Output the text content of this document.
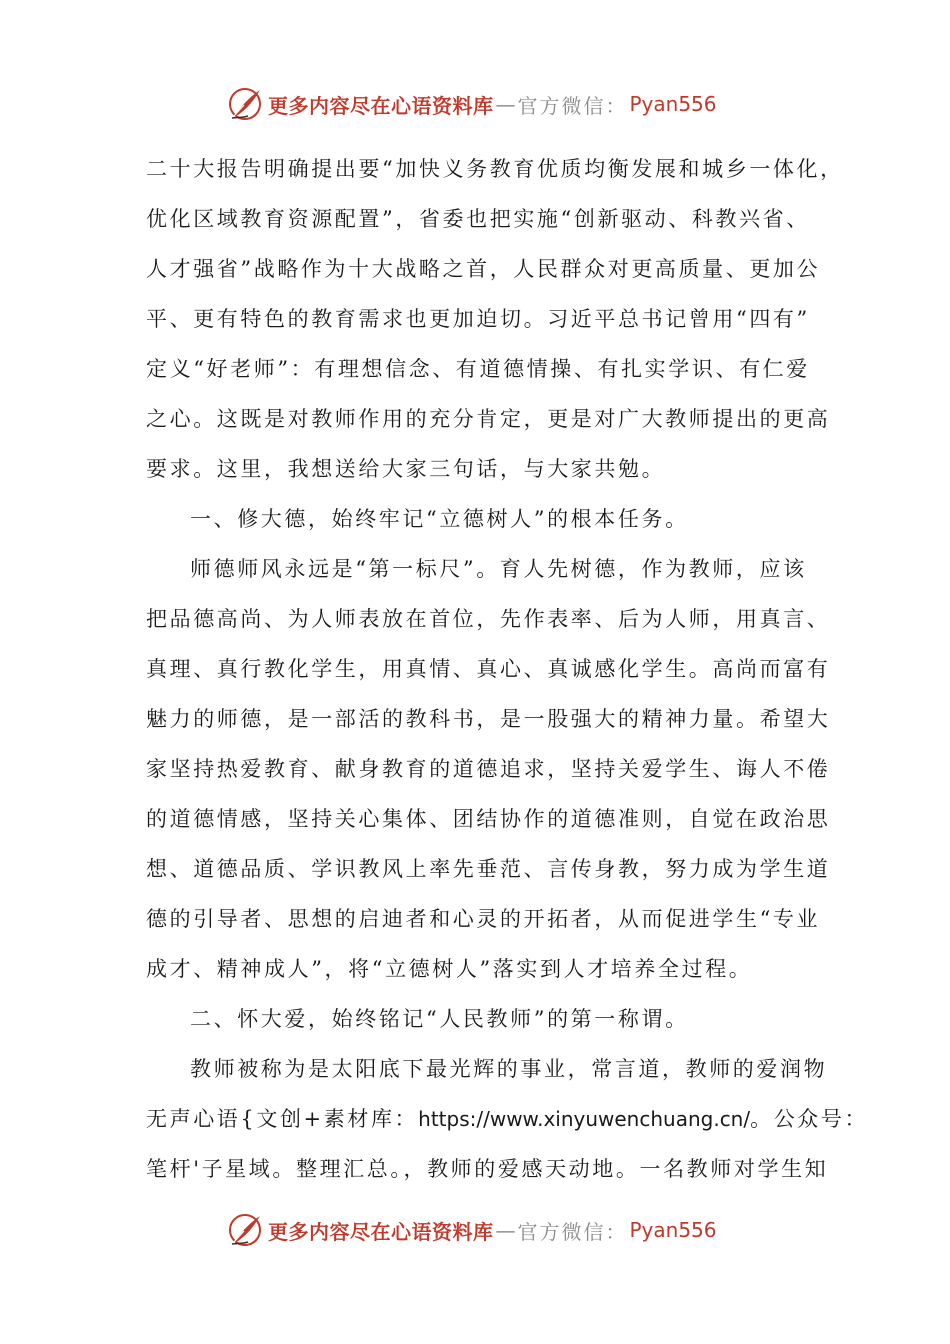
更多内容尽在心语资料库 — 官方微信： Pyan556
二十大报告明确提出要“加快义务教育优质均衡发展和城乡一体化，
优化区域教育资源配置”，省委也把实施“创新驱动、科教兴省、
人才强省”战略作为十大战略之首，人民群众对更高质量、更加公
平、更有特色的教育需求也更加迫切。习近平总书记曾用“四有”
定义“好老师”：有理想信念、有道德情操、有扎实学识、有仁爱
之心。这既是对教师作用的充分肯定，更是对广大教师提出的更高
要求。这里，我想送给大家三句话，与大家共勉。
一、修大德，始终牢记“立德树人”的根本任务。
师德师风永远是“第一标尺”。育人先树德，作为教师，应该
把品德高尚、为人师表放在首位，先作表率、后为人师，用真言、
真理、真行教化学生，用真情、真心、真诚感化学生。高尚而富有
魅力的师德，是一部活的教科书，是一股强大的精神力量。希望大
家坚持热爱教育、献身教育的道德追求，坚持关爱学生、诲人不倦
的道德情感，坚持关心集体、团结协作的道德准则，自觉在政治思
想、道德品质、学识教风上率先垂范、言传身教，努力成为学生道
德的引导者、思想的启迪者和心灵的开拓者，从而促进学生“专业
成才、精神成人”，将“立德树人”落实到人才培养全过程。
二、怀大爱，始终铭记“人民教师”的第一称谓。
教师被称为是太阳底下最光辉的事业，常言道，教师的爱润物
无声心语{文创+素材库：https://www.xinyuwenchuang.cn/。公众号：
笔杆'子星域。整理汇总。，教师的爱感天动地。一名教师对学生知
更多内容尽在心语资料库 — 官方微信： Pyan556
